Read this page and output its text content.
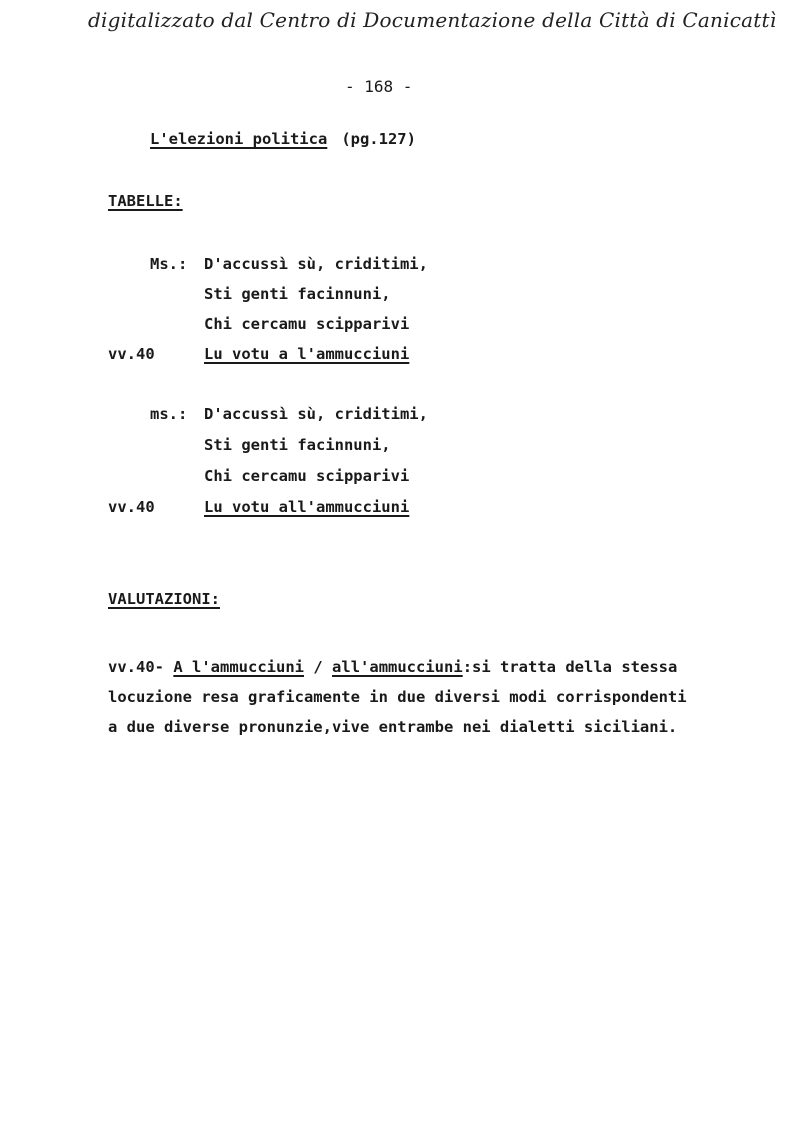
digitalizzato dal Centro di Documentazione della Città di Canicattì
- 168 -
L'elezioni politica (pg.127)
TABELLE:
Ms.: D'accussì sù, criditimi,
Sti genti facinnuni,
Chi cercamu scipparivi
vv.40	Lu votu a l'ammucciuni
ms.: D'accussì sù, criditimi,
Sti genti facinnuni,
Chi cercamu scipparivi
vv.40	Lu votu all'ammucciuni
VALUTAZIONI:
vv.40- A l'ammucciuni / all'ammucciuni:si tratta della stessa
locuzione resa graficamente in due diversi modi corrispondenti
a due diverse pronunzie,vive entrambe nei dialetti siciliani.
